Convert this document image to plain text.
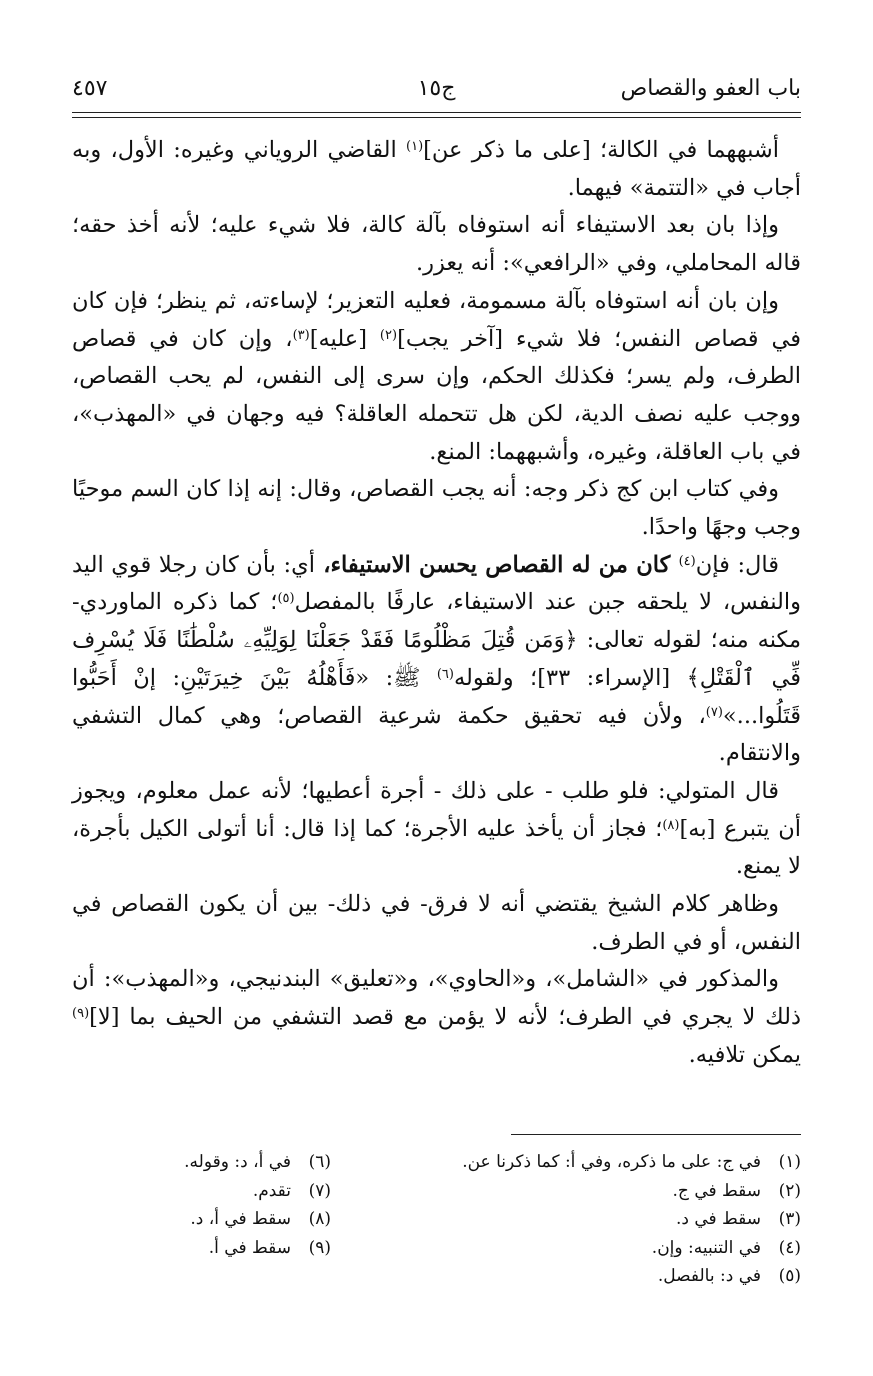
باب العفو والقصاص
ج١٥
٤٥٧

أشبههما في الكالة؛ [على ما ذكر عن]$^{(١)}$ القاضي الروياني وغيره: الأول، وبه أجاب في «التتمة» فيهما.

وإذا بان بعد الاستيفاء أنه استوفاه بآلة كالة، فلا شيء عليه؛ لأنه أخذ حقه؛ قاله المحاملي، وفي «الرافعي»: أنه يعزر.

وإن بان أنه استوفاه بآلة مسمومة، فعليه التعزير؛ لإساءته، ثم ينظر؛ فإن كان في قصاص النفس؛ فلا شيء [آخر يجب]$^{(٢)}$ [عليه]$^{(٣)}$، وإن كان في قصاص الطرف، ولم يسر؛ فكذلك الحكم، وإن سرى إلى النفس، لم يحب القصاص، ووجب عليه نصف الدية، لكن هل تتحمله العاقلة؟ فيه وجهان في «المهذب»، في باب العاقلة، وغيره، وأشبههما: المنع.

وفي كتاب ابن كج ذكر وجه: أنه يجب القصاص، وقال: إنه إذا كان السم موحيًا وجب وجهًا واحدًا.

قال: فإن$^{(٤)}$ كان من له القصاص يحسن الاستيفاء، أي: بأن كان رجلا قوي اليد والنفس، لا يلحقه جبن عند الاستيفاء، عارفًا بالمفصل$^{(٥)}$؛ كما ذكره الماوردي- مكنه منه؛ لقوله تعالى: ﴿وَمَن قُتِلَ مَظْلُومًا فَقَدْ جَعَلْنَا لِوَلِيِّهِۦ سُلْطَٰنًا فَلَا يُسْرِف فِّي ٱلْقَتْلِ﴾ [الإسراء: ٣٣]؛ ولقوله$^{(٦)}$ ﷺ: «فَأَهْلُهُ بَيْنَ خِيرَتَيْنِ: إنْ أَحَبُّوا قَتَلُوا...»$^{(٧)}$، ولأن فيه تحقيق حكمة شرعية القصاص؛ وهي كمال التشفي والانتقام.

قال المتولي: فلو طلب - على ذلك - أجرة أعطيها؛ لأنه عمل معلوم، ويجوز أن يتبرع [به]$^{(٨)}$؛ فجاز أن يأخذ عليه الأجرة؛ كما إذا قال: أنا أتولى الكيل بأجرة، لا يمنع.

وظاهر كلام الشيخ يقتضي أنه لا فرق- في ذلك- بين أن يكون القصاص في النفس، أو في الطرف.

والمذكور في «الشامل»، و«الحاوي»، و«تعليق» البندنيجي، و«المهذب»: أن ذلك لا يجري في الطرف؛ لأنه لا يؤمن مع قصد التشفي من الحيف بما [لا]$^{(٩)}$ يمكن تلافيه.

(١)
في ج: على ما ذكره، وفي أ: كما ذكرنا عن.
(٢)
سقط في ج.
(٣)
سقط في د.
(٤)
في التنبيه: وإن.
(٥)
في د: بالفصل.
(٦)
في أ، د: وقوله.
(٧)
تقدم.
(٨)
سقط في أ، د.
(٩)
سقط في أ.
